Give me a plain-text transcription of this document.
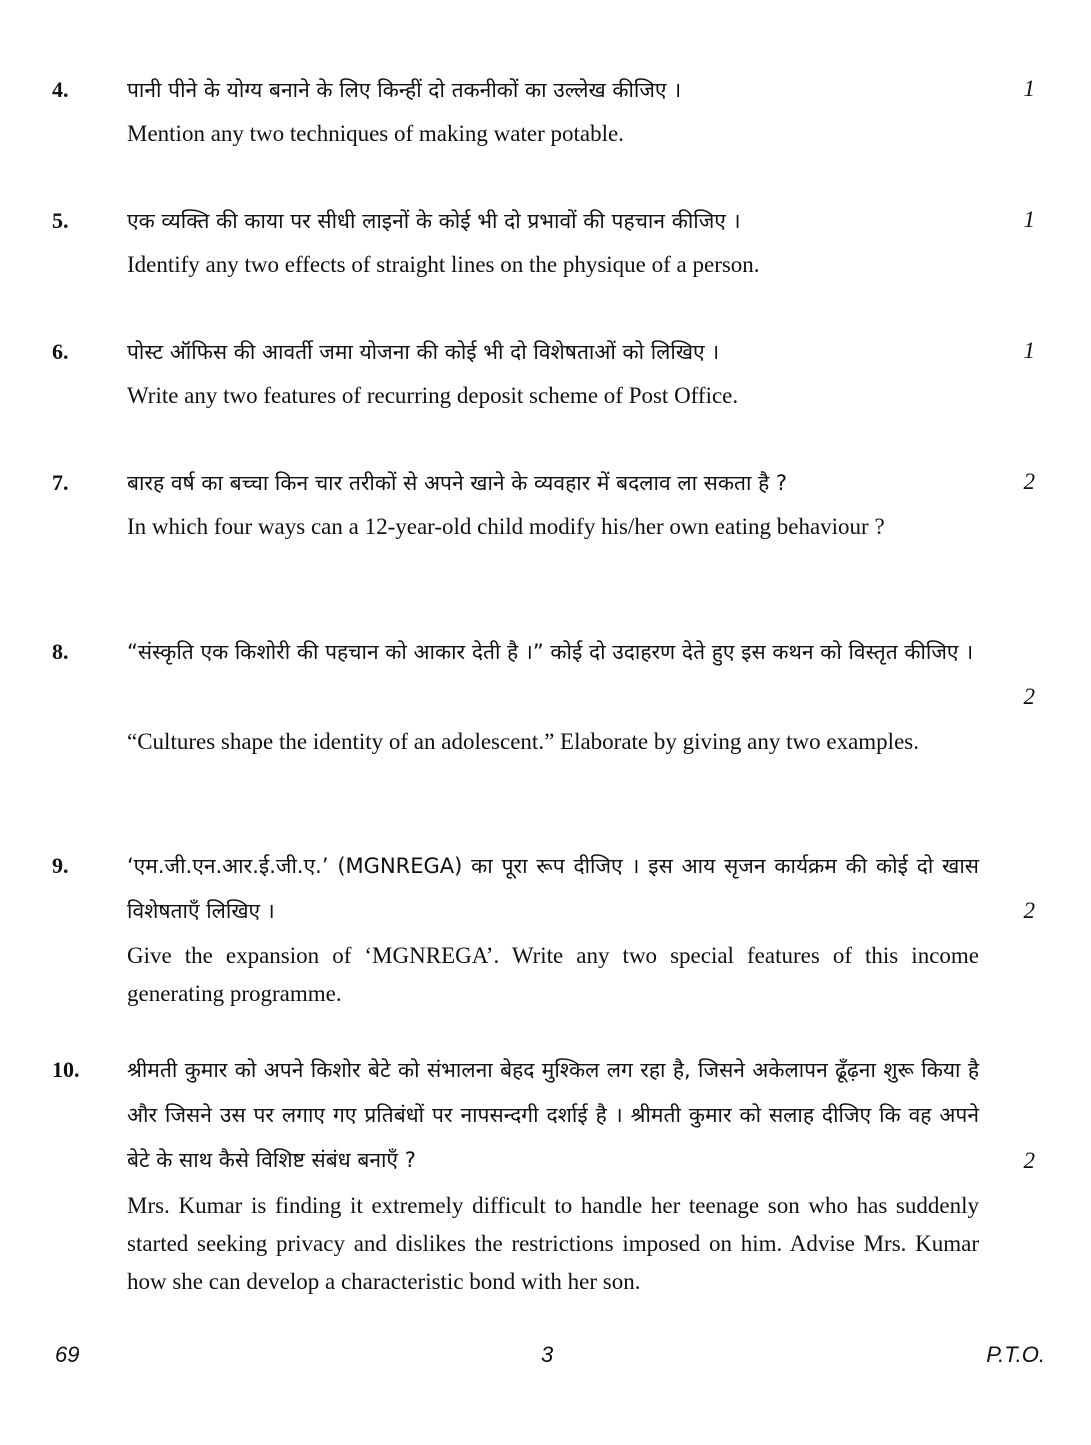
4.	पानी पीने के योग्य बनाने के लिए किन्हीं दो तकनीकों का उल्लेख कीजिए ।	1
Mention any two techniques of making water potable.
5.	एक व्यक्ति की काया पर सीधी लाइनों के कोई भी दो प्रभावों की पहचान कीजिए ।	1
Identify any two effects of straight lines on the physique of a person.
6.	पोस्ट ऑफिस की आवर्ती जमा योजना की कोई भी दो विशेषताओं को लिखिए ।	1
Write any two features of recurring deposit scheme of Post Office.
7.	बारह वर्ष का बच्चा किन चार तरीकों से अपने खाने के व्यवहार में बदलाव ला सकता है ?	2
In which four ways can a 12-year-old child modify his/her own eating behaviour ?
8.	“संस्कृति एक किशोरी की पहचान को आकार देती है ।” कोई दो उदाहरण देते हुए इस कथन को विस्तृत कीजिए ।
2
“Cultures shape the identity of an adolescent.” Elaborate by giving any two examples.
9.	‘एम.जी.एन.आर.ई.जी.ए.’ (MGNREGA) का पूरा रूप दीजिए । इस आय सृजन कार्यक्रम की कोई दो खास विशेषताएँ लिखिए ।	2
Give the expansion of ‘MGNREGA’. Write any two special features of this income generating programme.
10. श्रीमती कुमार को अपने किशोर बेटे को संभालना बेहद मुश्किल लग रहा है, जिसने अकेलापन ढूँढ़ना शुरू किया है और जिसने उस पर लगाए गए प्रतिबंधों पर नापसन्दगी दर्शाई है । श्रीमती कुमार को सलाह दीजिए कि वह अपने बेटे के साथ कैसे विशिष्ट संबंध बनाएँ ?	2
Mrs. Kumar is finding it extremely difficult to handle her teenage son who has suddenly started seeking privacy and dislikes the restrictions imposed on him. Advise Mrs. Kumar how she can develop a characteristic bond with her son.
69	3	P.T.O.
